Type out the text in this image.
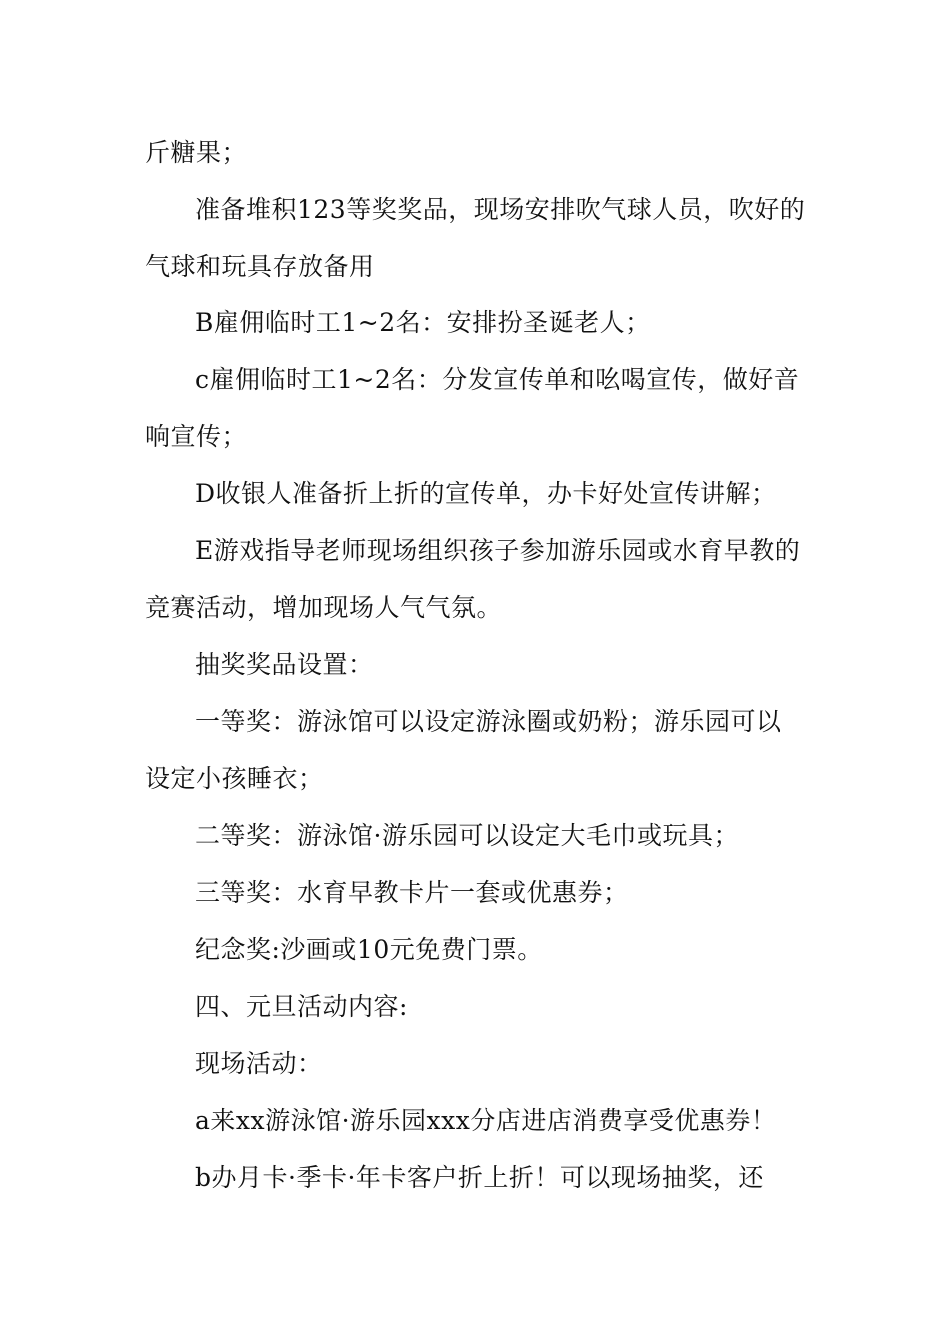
斤糖果；
准备堆积123等奖奖品，现场安排吹气球人员，吹好的
气球和玩具存放备用
B雇佣临时工1~2名：安排扮圣诞老人；
c雇佣临时工1~2名：分发宣传单和吆喝宣传，做好音
响宣传；
D收银人准备折上折的宣传单，办卡好处宣传讲解；
E游戏指导老师现场组织孩子参加游乐园或水育早教的
竞赛活动，增加现场人气气氛。
抽奖奖品设置：
一等奖：游泳馆可以设定游泳圈或奶粉；游乐园可以
设定小孩睡衣；
二等奖：游泳馆·游乐园可以设定大毛巾或玩具；
三等奖：水育早教卡片一套或优惠券；
纪念奖:沙画或10元免费门票。
四、元旦活动内容:
现场活动：
a来xx游泳馆·游乐园xxx分店进店消费享受优惠券！
b办月卡·季卡·年卡客户折上折！可以现场抽奖，还
